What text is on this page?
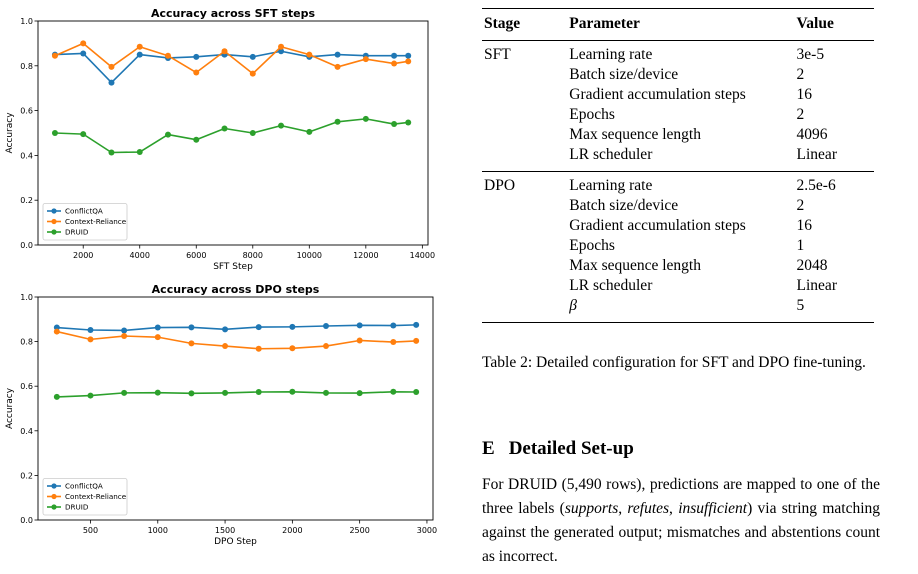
Accuracy across SFT steps
2000	4000	6000	8000	10000	12000	14000
0.0
0.2
0.4
0.6
0.8
1.0
SFT Step
Accuracy
ConflictQA
Context-Reliance
DRUID
Accuracy across DPO steps
500	1000	1500	2000	2500	3000
0.0
0.2
0.4
0.6
0.8
1.0
DPO Step
Accuracy
ConflictQA
Context-Reliance
DRUID
Stage	Parameter	Value
SFT	Learning rate	3e-5
	Batch size/device	2
	Gradient accumulation steps	16
	Epochs	2
	Max sequence length	4096
	LR scheduler	Linear
DPO	Learning rate	2.5e-6
	Batch size/device	2
	Gradient accumulation steps	16
	Epochs	1
	Max sequence length	2048
	LR scheduler	Linear
	β	5
Table 2: Detailed configuration for SFT and DPO fine-tuning.
E Detailed Set-up
For DRUID (5,490 rows), predictions are mapped to one of the three labels (supports, refutes, insufficient) via string matching against the generated output; mismatches and abstentions count as incorrect.
